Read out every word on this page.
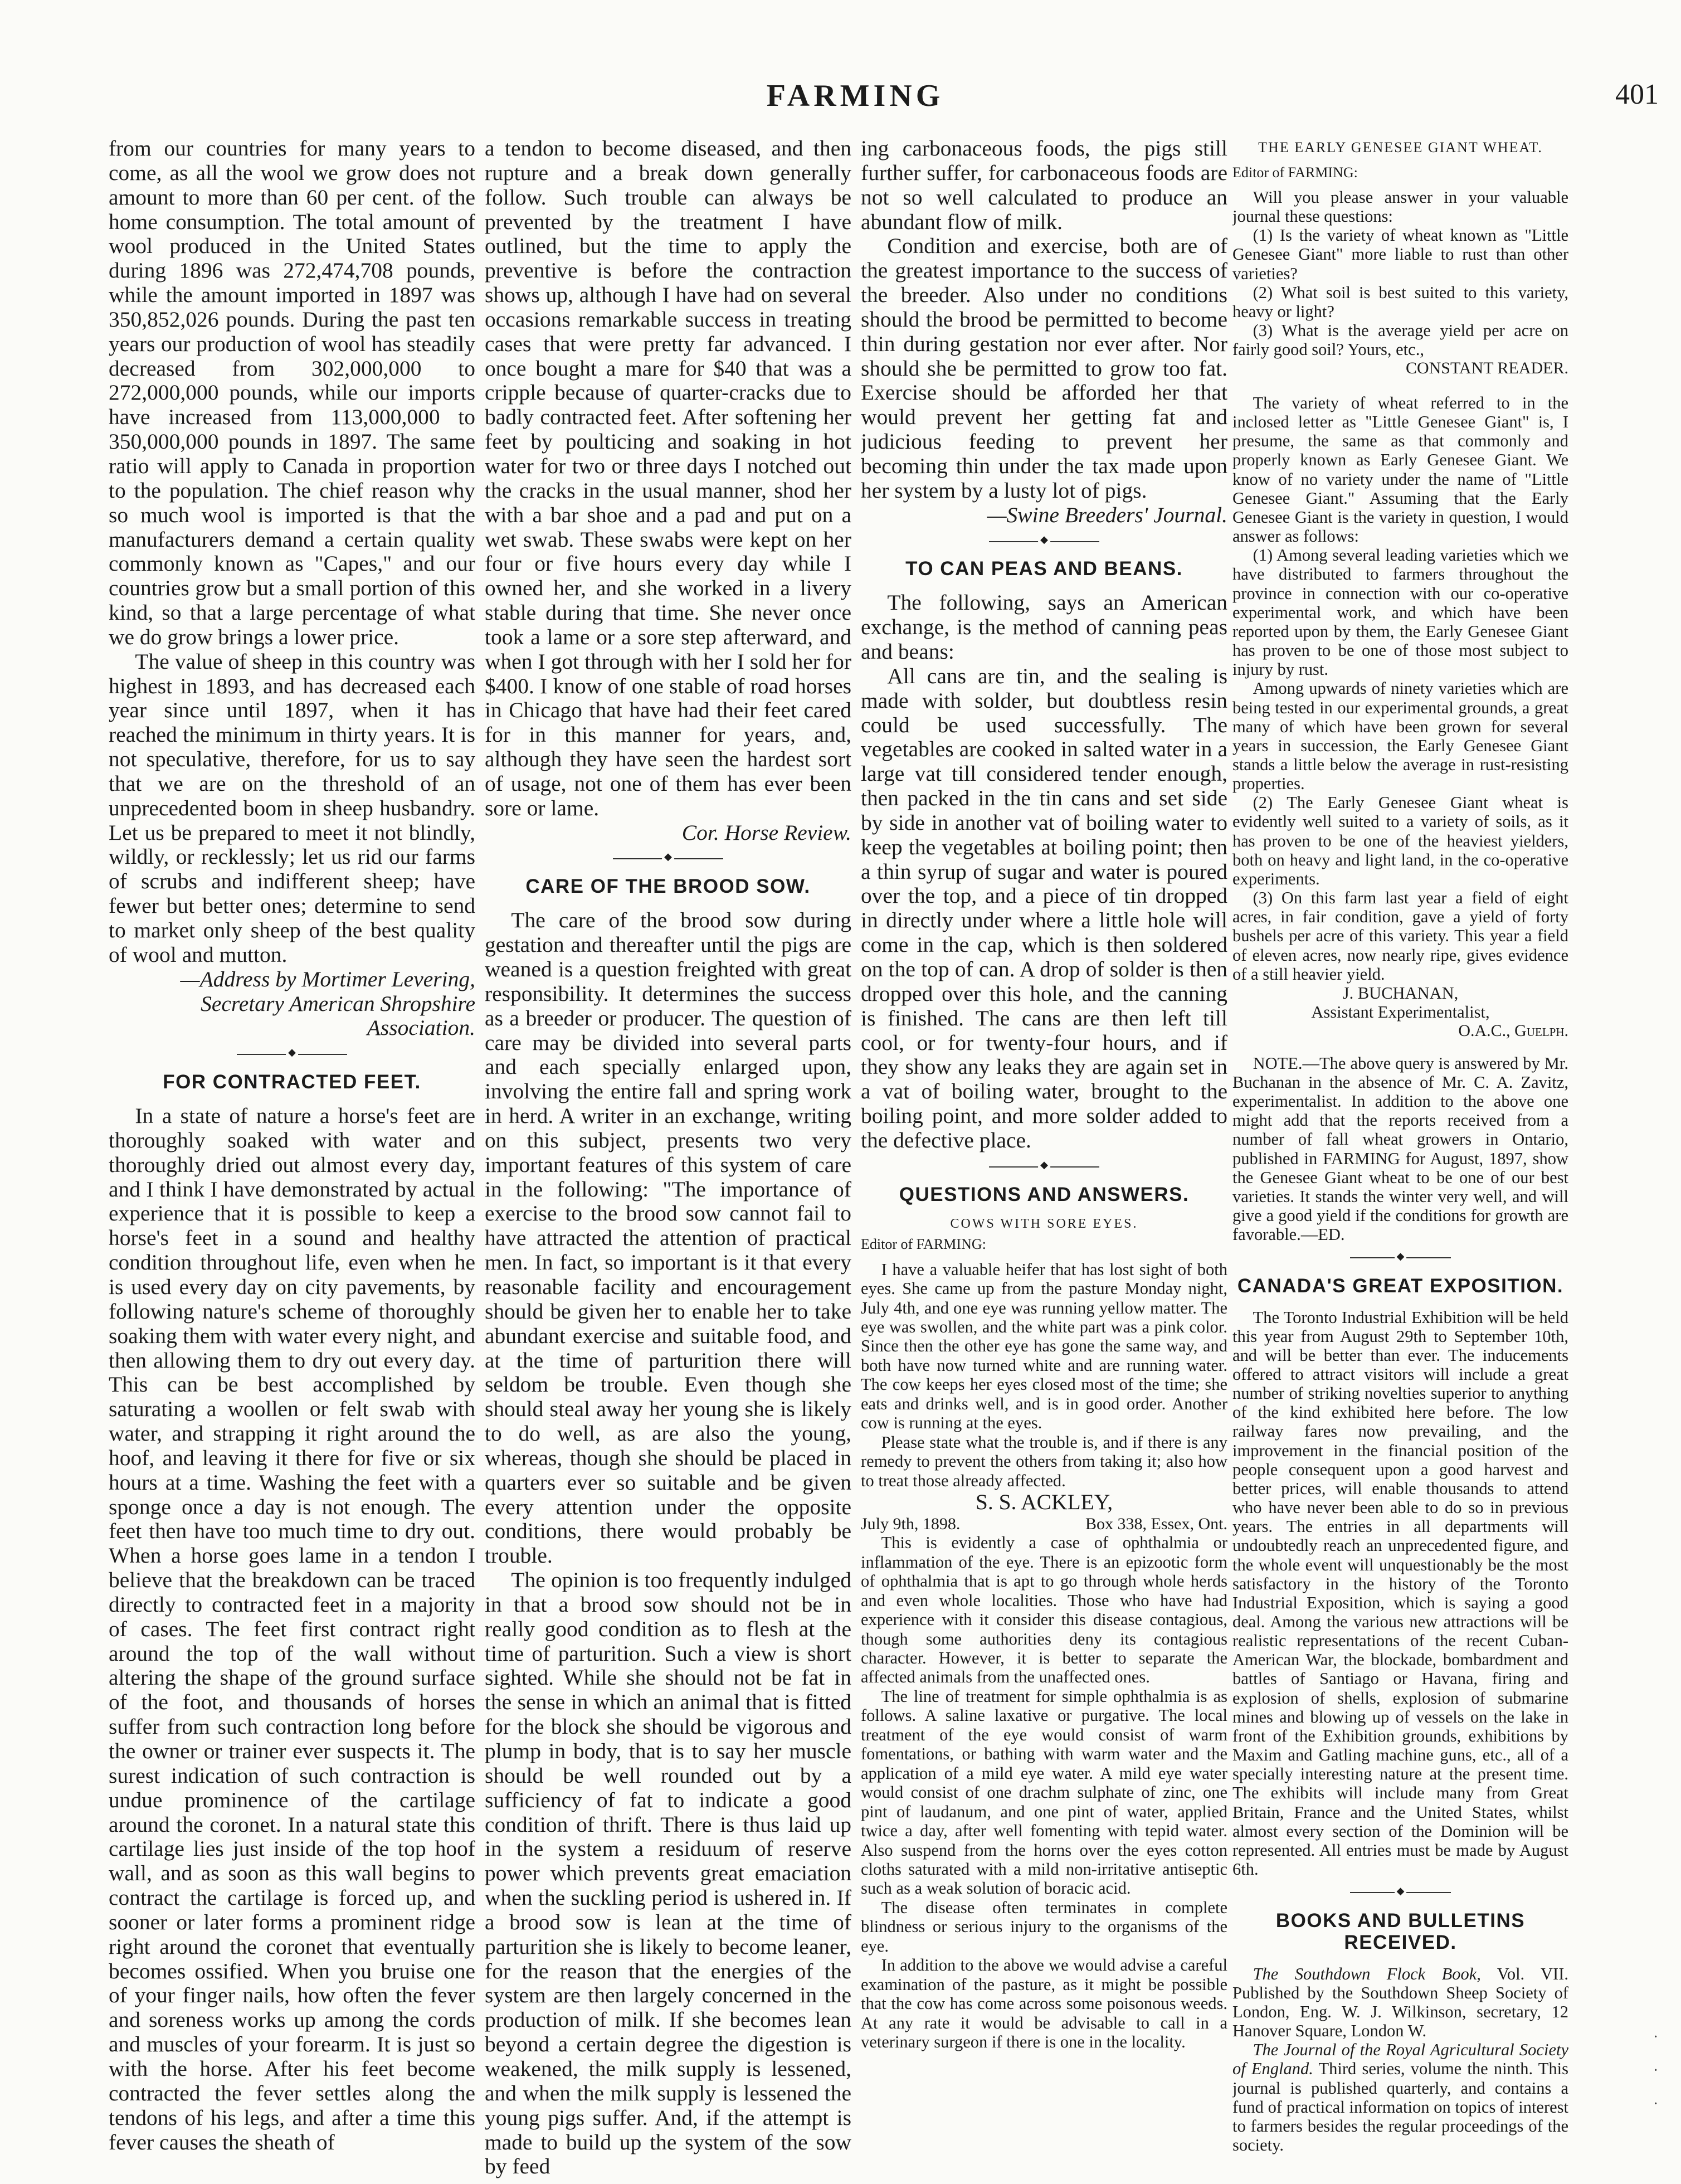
FARMING	401

from our countries for many years to come, as all the wool we grow does not amount to more than 60 per cent. of the home consumption. The total amount of wool produced in the United States during 1896 was 272,474,708 pounds, while the amount imported in 1897 was 350,852,026 pounds. During the past ten years our production of wool has steadily decreased from 302,000,000 to 272,000,000 pounds, while our imports have increased from 113,000,000 to 350,000,000 pounds in 1897. The same ratio will apply to Canada in proportion to the population. The chief reason why so much wool is imported is that the manufacturers demand a certain quality commonly known as "Capes," and our countries grow but a small portion of this kind, so that a large percentage of what we do grow brings a lower price.

The value of sheep in this country was highest in 1893, and has decreased each year since until 1897, when it has reached the minimum in thirty years. It is not speculative, therefore, for us to say that we are on the threshold of an unprecedented boom in sheep husbandry. Let us be prepared to meet it not blindly, wildly, or recklessly; let us rid our farms of scrubs and indifferent sheep; have fewer but better ones; determine to send to market only sheep of the best quality of wool and mutton.

—Address by Mortimer Levering, Secretary American Shropshire Association.

◆
FOR CONTRACTED FEET.

In a state of nature a horse's feet are thoroughly soaked with water and thoroughly dried out almost every day, and I think I have demonstrated by actual experience that it is possible to keep a horse's feet in a sound and healthy condition throughout life, even when he is used every day on city pavements, by following nature's scheme of thoroughly soaking them with water every night, and then allowing them to dry out every day. This can be best accomplished by saturating a woollen or felt swab with water, and strapping it right around the hoof, and leaving it there for five or six hours at a time. Washing the feet with a sponge once a day is not enough. The feet then have too much time to dry out. When a horse goes lame in a tendon I believe that the breakdown can be traced directly to contracted feet in a majority of cases. The feet first contract right around the top of the wall without altering the shape of the ground surface of the foot, and thousands of horses suffer from such contraction long before the owner or trainer ever suspects it. The surest indication of such contraction is undue prominence of the cartilage around the coronet. In a natural state this cartilage lies just inside of the top hoof wall, and as soon as this wall begins to contract the cartilage is forced up, and sooner or later forms a prominent ridge right around the coronet that eventually becomes ossified. When you bruise one of your finger nails, how often the fever and soreness works up among the cords and muscles of your forearm. It is just so with the horse. After his feet become contracted the fever settles along the tendons of his legs, and after a time this fever causes the sheath of

a tendon to become diseased, and then rupture and a break down generally follow. Such trouble can always be prevented by the treatment I have outlined, but the time to apply the preventive is before the contraction shows up, although I have had on several occasions remarkable success in treating cases that were pretty far advanced. I once bought a mare for $40 that was a cripple because of quarter-cracks due to badly contracted feet. After softening her feet by poulticing and soaking in hot water for two or three days I notched out the cracks in the usual manner, shod her with a bar shoe and a pad and put on a wet swab. These swabs were kept on her four or five hours every day while I owned her, and she worked in a livery stable during that time. She never once took a lame or a sore step afterward, and when I got through with her I sold her for $400. I know of one stable of road horses in Chicago that have had their feet cared for in this manner for years, and, although they have seen the hardest sort of usage, not one of them has ever been sore or lame.

Cor. Horse Review.

◆
CARE OF THE BROOD SOW.

The care of the brood sow during gestation and thereafter until the pigs are weaned is a question freighted with great responsibility. It determines the success as a breeder or producer. The question of care may be divided into several parts and each specially enlarged upon, involving the entire fall and spring work in herd. A writer in an exchange, writing on this subject, presents two very important features of this system of care in the following: "The importance of exercise to the brood sow cannot fail to have attracted the attention of practical men. In fact, so important is it that every reasonable facility and encouragement should be given her to enable her to take abundant exercise and suitable food, and at the time of parturition there will seldom be trouble. Even though she should steal away her young she is likely to do well, as are also the young, whereas, though she should be placed in quarters ever so suitable and be given every attention under the opposite conditions, there would probably be trouble.

The opinion is too frequently indulged in that a brood sow should not be in really good condition as to flesh at the time of parturition. Such a view is short sighted. While she should not be fat in the sense in which an animal that is fitted for the block she should be vigorous and plump in body, that is to say her muscle should be well rounded out by a sufficiency of fat to indicate a good condition of thrift. There is thus laid up in the system a residuum of reserve power which prevents great emaciation when the suckling period is ushered in. If a brood sow is lean at the time of parturition she is likely to become leaner, for the reason that the energies of the system are then largely concerned in the production of milk. If she becomes lean beyond a certain degree the digestion is weakened, the milk supply is lessened, and when the milk supply is lessened the young pigs suffer. And, if the attempt is made to build up the system of the sow by feed

ing carbonaceous foods, the pigs still further suffer, for carbonaceous foods are not so well calculated to produce an abundant flow of milk.

Condition and exercise, both are of the greatest importance to the success of the breeder. Also under no conditions should the brood be permitted to become thin during gestation nor ever after. Nor should she be permitted to grow too fat. Exercise should be afforded her that would prevent her getting fat and judicious feeding to prevent her becoming thin under the tax made upon her system by a lusty lot of pigs.

—Swine Breeders' Journal.

◆
TO CAN PEAS AND BEANS.

The following, says an American exchange, is the method of canning peas and beans:

All cans are tin, and the sealing is made with solder, but doubtless resin could be used successfully. The vegetables are cooked in salted water in a large vat till considered tender enough, then packed in the tin cans and set side by side in another vat of boiling water to keep the vegetables at boiling point; then a thin syrup of sugar and water is poured over the top, and a piece of tin dropped in directly under where a little hole will come in the cap, which is then soldered on the top of can. A drop of solder is then dropped over this hole, and the canning is finished. The cans are then left till cool, or for twenty-four hours, and if they show any leaks they are again set in a vat of boiling water, brought to the boiling point, and more solder added to the defective place.

◆
QUESTIONS AND ANSWERS.
COWS WITH SORE EYES.

Editor of FARMING:

I have a valuable heifer that has lost sight of both eyes. She came up from the pasture Monday night, July 4th, and one eye was running yellow matter. The eye was swollen, and the white part was a pink color. Since then the other eye has gone the same way, and both have now turned white and are running water. The cow keeps her eyes closed most of the time; she eats and drinks well, and is in good order. Another cow is running at the eyes.

Please state what the trouble is, and if there is any remedy to prevent the others from taking it; also how to treat those already affected.

S. S. ACKLEY,

July 9th, 1898.	Box 338, Essex, Ont.

This is evidently a case of ophthalmia or inflammation of the eye. There is an epizootic form of ophthalmia that is apt to go through whole herds and even whole localities. Those who have had experience with it consider this disease contagious, though some authorities deny its contagious character. However, it is better to separate the affected animals from the unaffected ones.

The line of treatment for simple ophthalmia is as follows. A saline laxative or purgative. The local treatment of the eye would consist of warm fomentations, or bathing with warm water and the application of a mild eye water. A mild eye water would consist of one drachm sulphate of zinc, one pint of laudanum, and one pint of water, applied twice a day, after well fomenting with tepid water. Also suspend from the horns over the eyes cotton cloths saturated with a mild non-irritative antiseptic such as a weak solution of boracic acid.

The disease often terminates in complete blindness or serious injury to the organisms of the eye.

In addition to the above we would advise a careful examination of the pasture, as it might be possible that the cow has come across some poisonous weeds. At any rate it would be advisable to call in a veterinary surgeon if there is one in the locality.

THE EARLY GENESEE GIANT WHEAT.

Editor of FARMING:

Will you please answer in your valuable journal these questions:

(1) Is the variety of wheat known as "Little Genesee Giant" more liable to rust than other varieties?

(2) What soil is best suited to this variety, heavy or light?

(3) What is the average yield per acre on fairly good soil? Yours, etc.,

CONSTANT READER.

The variety of wheat referred to in the inclosed letter as "Little Genesee Giant" is, I presume, the same as that commonly and properly known as Early Genesee Giant. We know of no variety under the name of "Little Genesee Giant." Assuming that the Early Genesee Giant is the variety in question, I would answer as follows:

(1) Among several leading varieties which we have distributed to farmers throughout the province in connection with our co-operative experimental work, and which have been reported upon by them, the Early Genesee Giant has proven to be one of those most subject to injury by rust.

Among upwards of ninety varieties which are being tested in our experimental grounds, a great many of which have been grown for several years in succession, the Early Genesee Giant stands a little below the average in rust-resisting properties.

(2) The Early Genesee Giant wheat is evidently well suited to a variety of soils, as it has proven to be one of the heaviest yielders, both on heavy and light land, in the co-operative experiments.

(3) On this farm last year a field of eight acres, in fair condition, gave a yield of forty bushels per acre of this variety. This year a field of eleven acres, now nearly ripe, gives evidence of a still heavier yield.

J. BUCHANAN,
Assistant Experimentalist,
O.A.C., Guelph.

NOTE.—The above query is answered by Mr. Buchanan in the absence of Mr. C. A. Zavitz, experimentalist. In addition to the above one might add that the reports received from a number of fall wheat growers in Ontario, published in FARMING for August, 1897, show the Genesee Giant wheat to be one of our best varieties. It stands the winter very well, and will give a good yield if the conditions for growth are favorable.—ED.

◆
CANADA'S GREAT EXPOSITION.

The Toronto Industrial Exhibition will be held this year from August 29th to September 10th, and will be better than ever. The inducements offered to attract visitors will include a great number of striking novelties superior to anything of the kind exhibited here before. The low railway fares now prevailing, and the improvement in the financial position of the people consequent upon a good harvest and better prices, will enable thousands to attend who have never been able to do so in previous years. The entries in all departments will undoubtedly reach an unprecedented figure, and the whole event will unquestionably be the most satisfactory in the history of the Toronto Industrial Exposition, which is saying a good deal. Among the various new attractions will be realistic representations of the recent Cuban-American War, the blockade, bombardment and battles of Santiago or Havana, firing and explosion of shells, explosion of submarine mines and blowing up of vessels on the lake in front of the Exhibition grounds, exhibitions by Maxim and Gatling machine guns, etc., all of a specially interesting nature at the present time. The exhibits will include many from Great Britain, France and the United States, whilst almost every section of the Dominion will be represented. All entries must be made by August 6th.

◆
BOOKS AND BULLETINS RECEIVED.

The Southdown Flock Book, Vol. VII. Published by the Southdown Sheep Society of London, Eng. W. J. Wilkinson, secretary, 12 Hanover Square, London W.

The Journal of the Royal Agricultural Society of England. Third series, volume the ninth. This journal is published quarterly, and contains a fund of practical information on topics of interest to farmers besides the regular proceedings of the society.

·
·
·
